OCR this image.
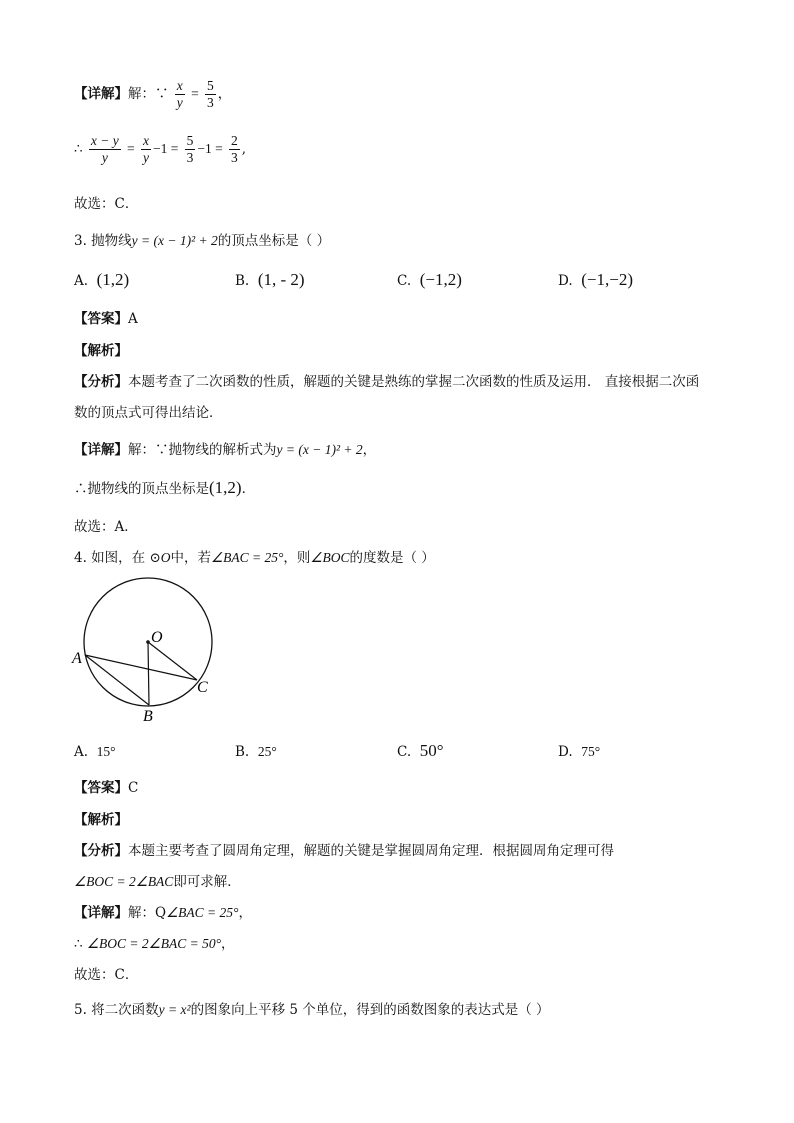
【详解】解：∵ $\frac{x}{y} = \frac{5}{3}$ ，
∴ $\frac{x - y}{y} = \frac{x}{y} -1 = \frac{5}{3} -1 = \frac{2}{3}$ ,
故选：C．
3. 抛物线y = (x − 1)² + 2的顶点坐标是（ ）
A. (1,2)	B. (1, - 2)	C. (−1,2)	D. (−1,−2)
【答案】A
【解析】
【分析】本题考查了二次函数的性质，解题的关键是熟练的掌握二次函数的性质及运用． 直接根据二次函
数的顶点式可得出结论．
【详解】解：∵抛物线的解析式为y = (x − 1)² + 2，
∴抛物线的顶点坐标是(1,2)．
故选：A．
4. 如图，在 ⊙O中，若∠BAC = 25°，则∠BOC的度数是（ ）
O
A
C
B
A. 15°	B. 25°	C. 50°	D. 75°
【答案】C
【解析】
【分析】本题主要考查了圆周角定理，解题的关键是掌握圆周角定理．根据圆周角定理可得
∠BOC = 2∠BAC即可求解．
【详解】解：Q∠BAC = 25°，
∴ ∠BOC = 2∠BAC = 50°，
故选：C．
5. 将二次函数y = x²的图象向上平移 5 个单位，得到的函数图象的表达式是（ ）
